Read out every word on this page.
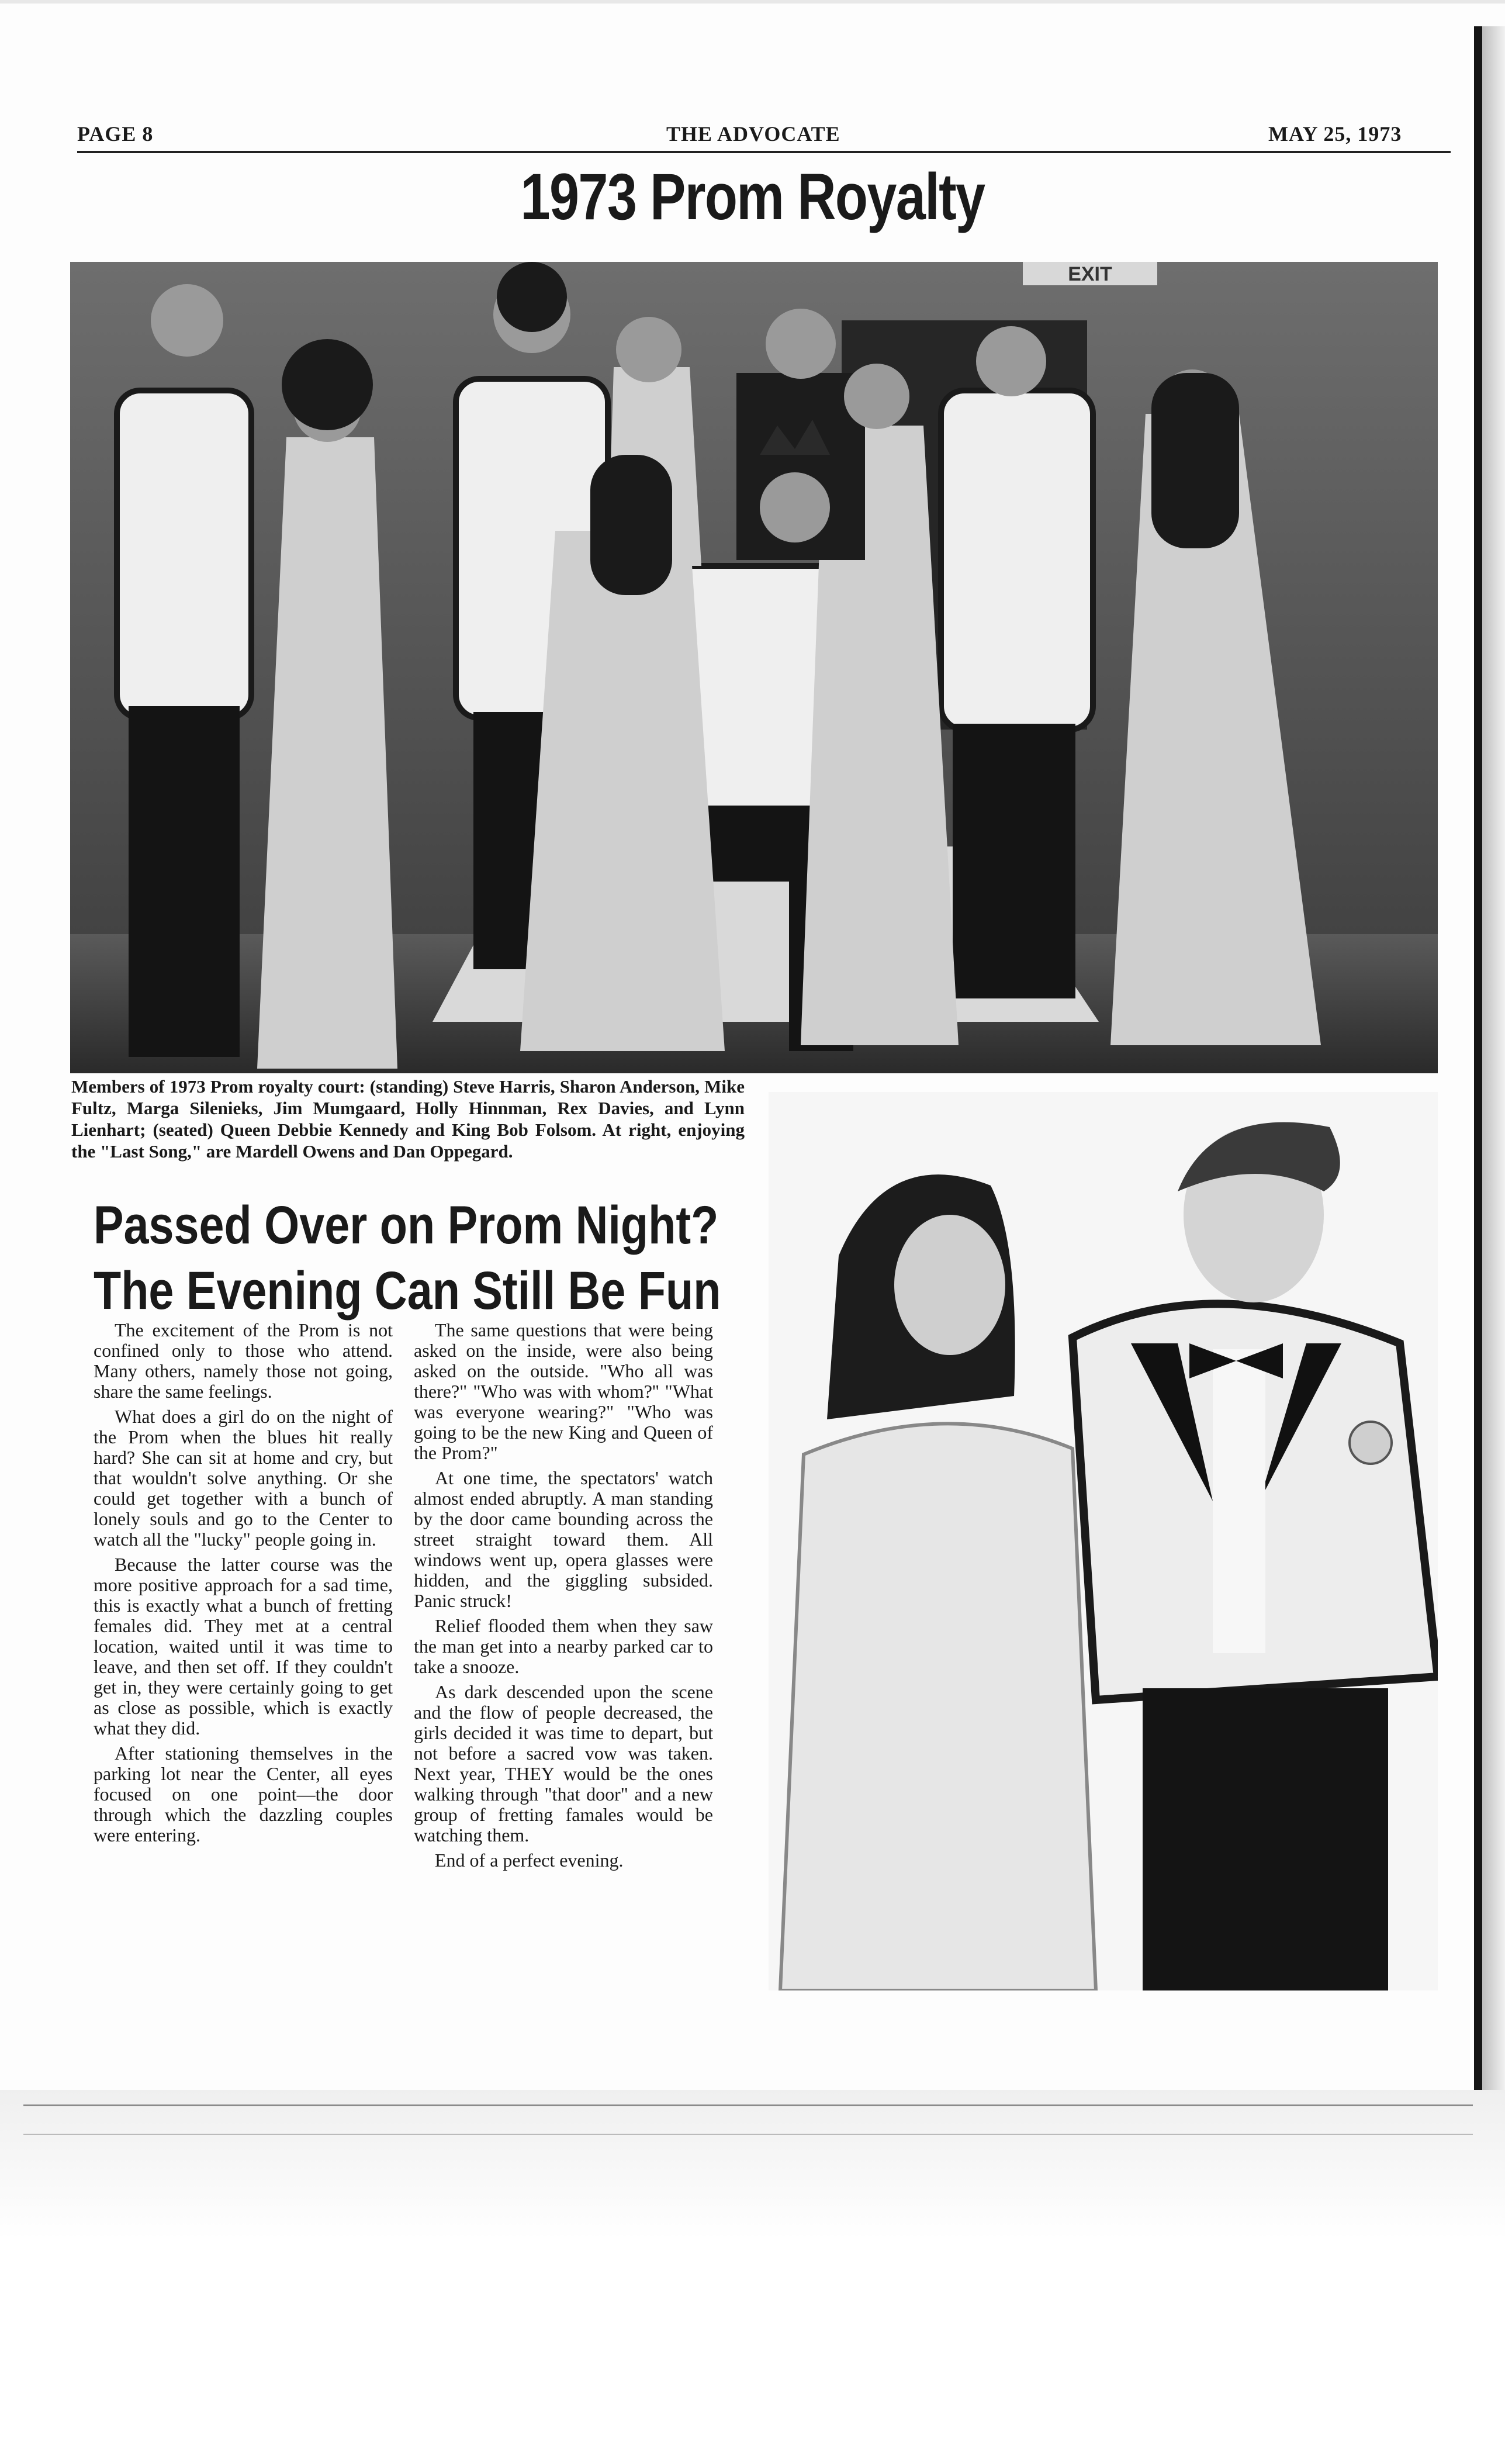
PAGE 8	THE ADVOCATE	MAY 25, 1973
1973 Prom Royalty
EXIT
Members of 1973 Prom royalty court: (standing) Steve Harris, Sharon Anderson, Mike Fultz, Marga Silenieks, Jim Mumgaard, Holly Hinnman, Rex Davies, and Lynn Lienhart; (seated) Queen Debbie Kennedy and King Bob Folsom. At right, enjoying the "Last Song," are Mardell Owens and Dan Oppegard.
Passed Over on Prom Night?
The Evening Can Still Be Fun

The excitement of the Prom is not confined only to those who attend. Many others, namely those not going, share the same feelings.

What does a girl do on the night of the Prom when the blues hit really hard? She can sit at home and cry, but that wouldn't solve anything. Or she could get together with a bunch of lonely souls and go to the Center to watch all the "lucky" people going in.

Because the latter course was the more positive approach for a sad time, this is exactly what a bunch of fretting females did. They met at a central location, waited until it was time to leave, and then set off. If they couldn't get in, they were certainly going to get as close as possible, which is exactly what they did.

After stationing themselves in the parking lot near the Center, all eyes focused on one point—the door through which the dazzling couples were entering.

The same questions that were being asked on the inside, were also being asked on the outside. "Who all was there?" "Who was with whom?'' "What was everyone wearing?" "Who was going to be the new King and Queen of the Prom?"

At one time, the spectators' watch almost ended abruptly. A man standing by the door came bounding across the street straight toward them. All windows went up, opera glasses were hidden, and the giggling subsided. Panic struck!

Relief flooded them when they saw the man get into a nearby parked car to take a snooze.

As dark descended upon the scene and the flow of people decreased, the girls decided it was time to depart, but not before a sacred vow was taken. Next year, THEY would be the ones walking through "that door" and a new group of fretting famales would be watching them.

End of a perfect evening.
